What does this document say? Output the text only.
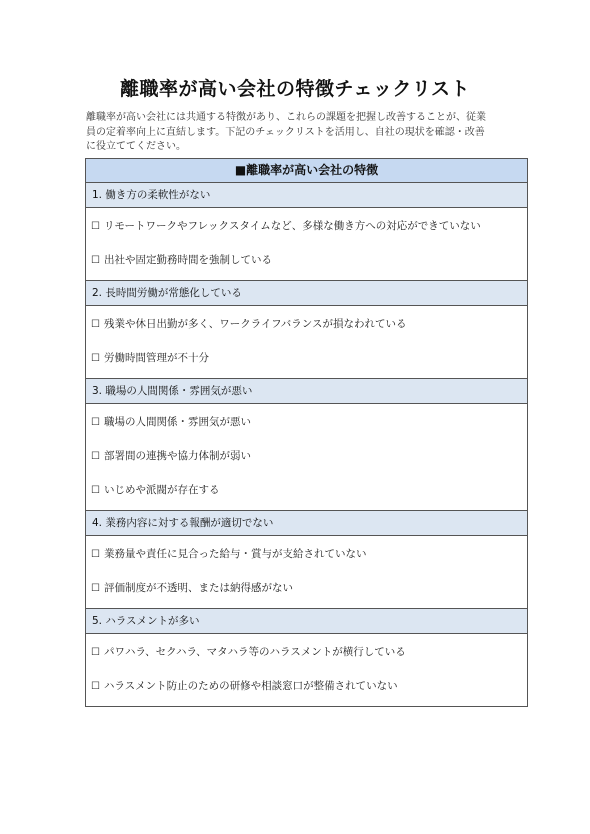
離職率が高い会社の特徴チェックリスト
離職率が高い会社には共通する特徴があり、これらの課題を把握し改善することが、従業
員の定着率向上に直結します。下記のチェックリストを活用し、自社の現状を確認・改善
に役立ててください。
■離職率が高い会社の特徴
1. 働き方の柔軟性がない
☐ リモートワークやフレックスタイムなど、多様な働き方への対応ができていない
☐ 出社や固定勤務時間を強制している
2. 長時間労働が常態化している
☐ 残業や休日出勤が多く、ワークライフバランスが損なわれている
☐ 労働時間管理が不十分
3. 職場の人間関係・雰囲気が悪い
☐ 職場の人間関係・雰囲気が悪い
☐ 部署間の連携や協力体制が弱い
☐ いじめや派閥が存在する
4. 業務内容に対する報酬が適切でない
☐ 業務量や責任に見合った給与・賞与が支給されていない
☐ 評価制度が不透明、または納得感がない
5. ハラスメントが多い
☐ パワハラ、セクハラ、マタハラ等のハラスメントが横行している
☐ ハラスメント防止のための研修や相談窓口が整備されていない
